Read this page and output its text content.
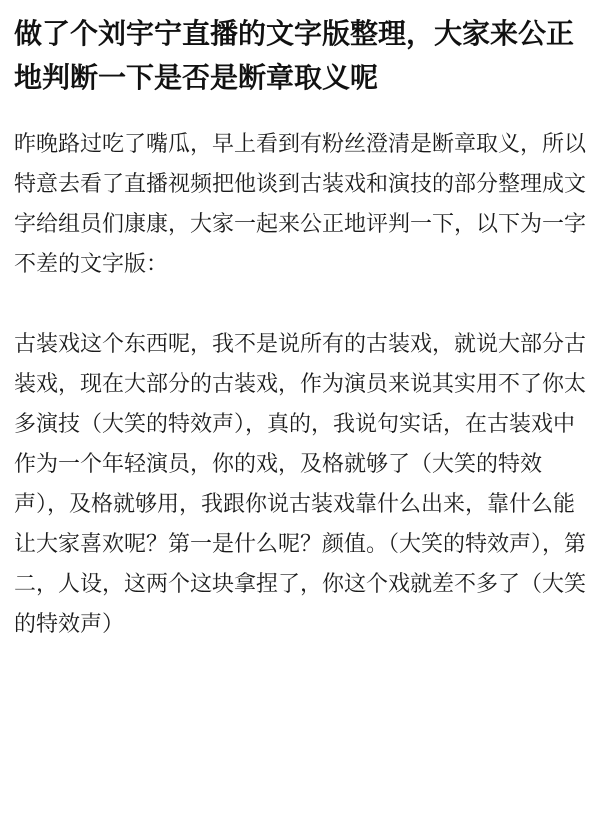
做了个刘宇宁直播的文字版整理，大家来公正地判断一下是否是断章取义呢

昨晚路过吃了嘴瓜，早上看到有粉丝澄清是断章取义，所以特意去看了直播视频把他谈到古装戏和演技的部分整理成文字给组员们康康，大家一起来公正地评判一下，以下为一字不差的文字版：

古装戏这个东西呢，我不是说所有的古装戏，就说大部分古装戏，现在大部分的古装戏，作为演员来说其实用不了你太多演技（大笑的特效声），真的，我说句实话，在古装戏中作为一个年轻演员，你的戏，及格就够了（大笑的特效声），及格就够用，我跟你说古装戏靠什么出来，靠什么能让大家喜欢呢？第一是什么呢？颜值。（大笑的特效声），第二，人设，这两个这块拿捏了，你这个戏就差不多了（大笑的特效声）
